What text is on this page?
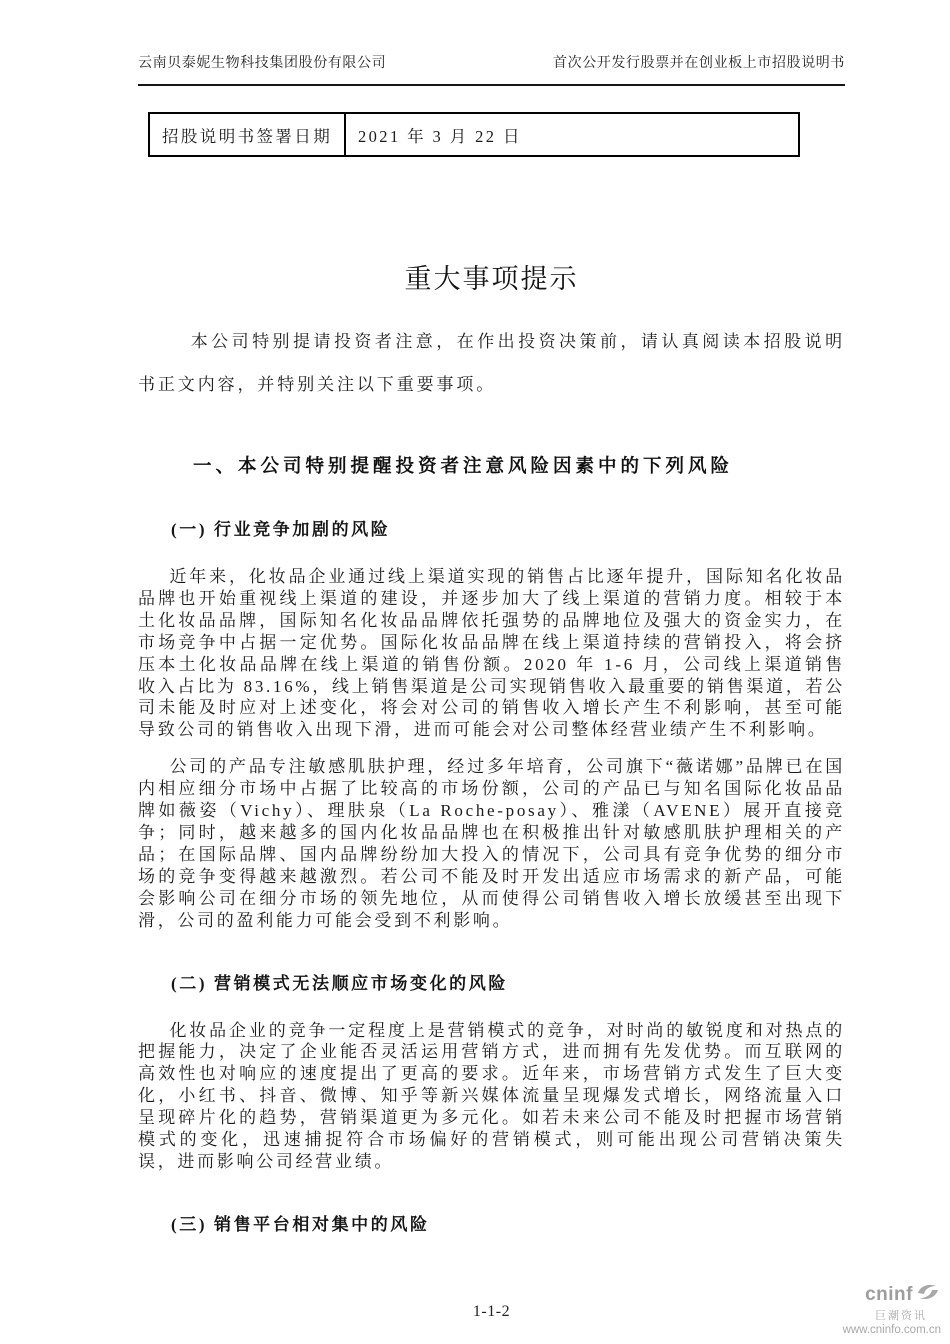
云南贝泰妮生物科技集团股份有限公司	首次公开发行股票并在创业板上市招股说明书
招股说明书签署日期	2021 年 3 月 22 日
重大事项提示

本公司特别提请投资者注意，在作出投资决策前，请认真阅读本招股说明书正文内容，并特别关注以下重要事项。

一、本公司特别提醒投资者注意风险因素中的下列风险
(一) 行业竞争加剧的风险

近年来，化妆品企业通过线上渠道实现的销售占比逐年提升，国际知名化妆品品牌也开始重视线上渠道的建设，并逐步加大了线上渠道的营销力度。相较于本土化妆品品牌，国际知名化妆品品牌依托强势的品牌地位及强大的资金实力，在市场竞争中占据一定优势。国际化妆品品牌在线上渠道持续的营销投入，将会挤压本土化妆品品牌在线上渠道的销售份额。2020 年 1-6 月，公司线上渠道销售收入占比为 83.16%，线上销售渠道是公司实现销售收入最重要的销售渠道，若公司未能及时应对上述变化，将会对公司的销售收入增长产生不利影响，甚至可能导致公司的销售收入出现下滑，进而可能会对公司整体经营业绩产生不利影响。

公司的产品专注敏感肌肤护理，经过多年培育，公司旗下“薇诺娜”品牌已在国内相应细分市场中占据了比较高的市场份额，公司的产品已与知名国际化妆品品牌如薇姿（Vichy）、理肤泉（La Roche-posay）、雅漾（AVENE）展开直接竞争；同时，越来越多的国内化妆品品牌也在积极推出针对敏感肌肤护理相关的产品；在国际品牌、国内品牌纷纷加大投入的情况下，公司具有竞争优势的细分市场的竞争变得越来越激烈。若公司不能及时开发出适应市场需求的新产品，可能会影响公司在细分市场的领先地位，从而使得公司销售收入增长放缓甚至出现下滑，公司的盈利能力可能会受到不利影响。

(二) 营销模式无法顺应市场变化的风险

化妆品企业的竞争一定程度上是营销模式的竞争，对时尚的敏锐度和对热点的把握能力，决定了企业能否灵活运用营销方式，进而拥有先发优势。而互联网的高效性也对响应的速度提出了更高的要求。近年来，市场营销方式发生了巨大变化，小红书、抖音、微博、知乎等新兴媒体流量呈现爆发式增长，网络流量入口呈现碎片化的趋势，营销渠道更为多元化。如若未来公司不能及时把握市场营销模式的变化，迅速捕捉符合市场偏好的营销模式，则可能出现公司营销决策失误，进而影响公司经营业绩。

(三) 销售平台相对集中的风险
1-1-2
cninf
巨潮资讯
www.cninfo.com.cn
